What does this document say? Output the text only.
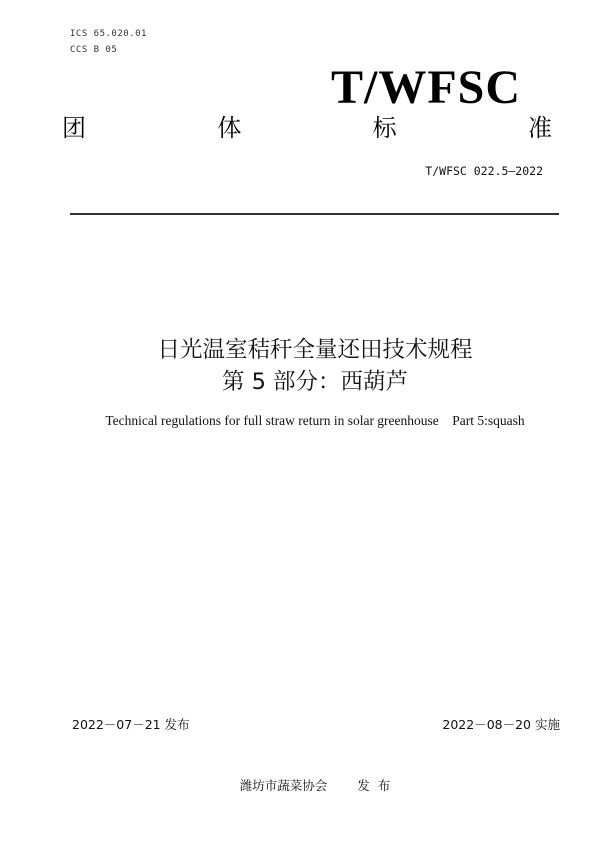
ICS 65.020.01
CCS B 05
T/WFSC
团	体	标	准
T/WFSC 022.5—2022
日光温室秸秆全量还田技术规程
第 5 部分：西葫芦
Technical regulations for full straw return in solar greenhouse    Part 5:squash
2022－07－21 发布	2022－08－20 实施
潍坊市蔬菜协会 发  布
